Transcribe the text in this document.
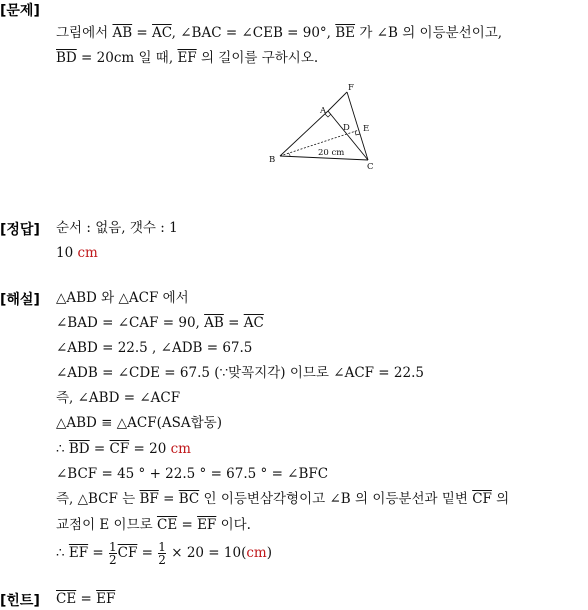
[문제]
그림에서 $\overline{AB} = \overline{AC}$, ∠BAC = ∠CEB = 90°, $\overline{BE}$ 가 ∠B 의 이등분선이고,
$\overline{BD} = 20cm$ 일 때, $\overline{EF}$ 의 길이를 구하시오.
F
A
D E
B
C
20 cm
[정답] 순서 : 없음, 갯수 : 1
10 cm
[해설] △ABD 와 △ACF 에서
∠BAD = ∠CAF = 90, $\overline{AB} = \overline{AC}$
∠ABD = 22.5 , ∠ADB = 67.5
∠ADB = ∠CDE = 67.5 (∵맞꼭지각) 이므로 ∠ACF = 22.5
즉, ∠ABD = ∠ACF
△ABD ≡ △ACF(ASA합동)
∴ $\overline{BD} = \overline{CF} = 20$ cm
∠BCF = 45 ° + 22.5 ° = 67.5 ° = ∠BFC
즉, △BCF 는 $\overline{BF} = \overline{BC}$ 인 이등변삼각형이고 ∠B 의 이등분선과 밑변 $\overline{CF}$ 의
교점이 E 이므로 $\overline{CE} = \overline{EF}$ 이다.
∴ $\overline{EF} = \frac{1}{2} \overline{CF} = \frac{1}{2} \times 20 = 10(cm)$
[힌트] $\overline{CE} = \overline{EF}$
